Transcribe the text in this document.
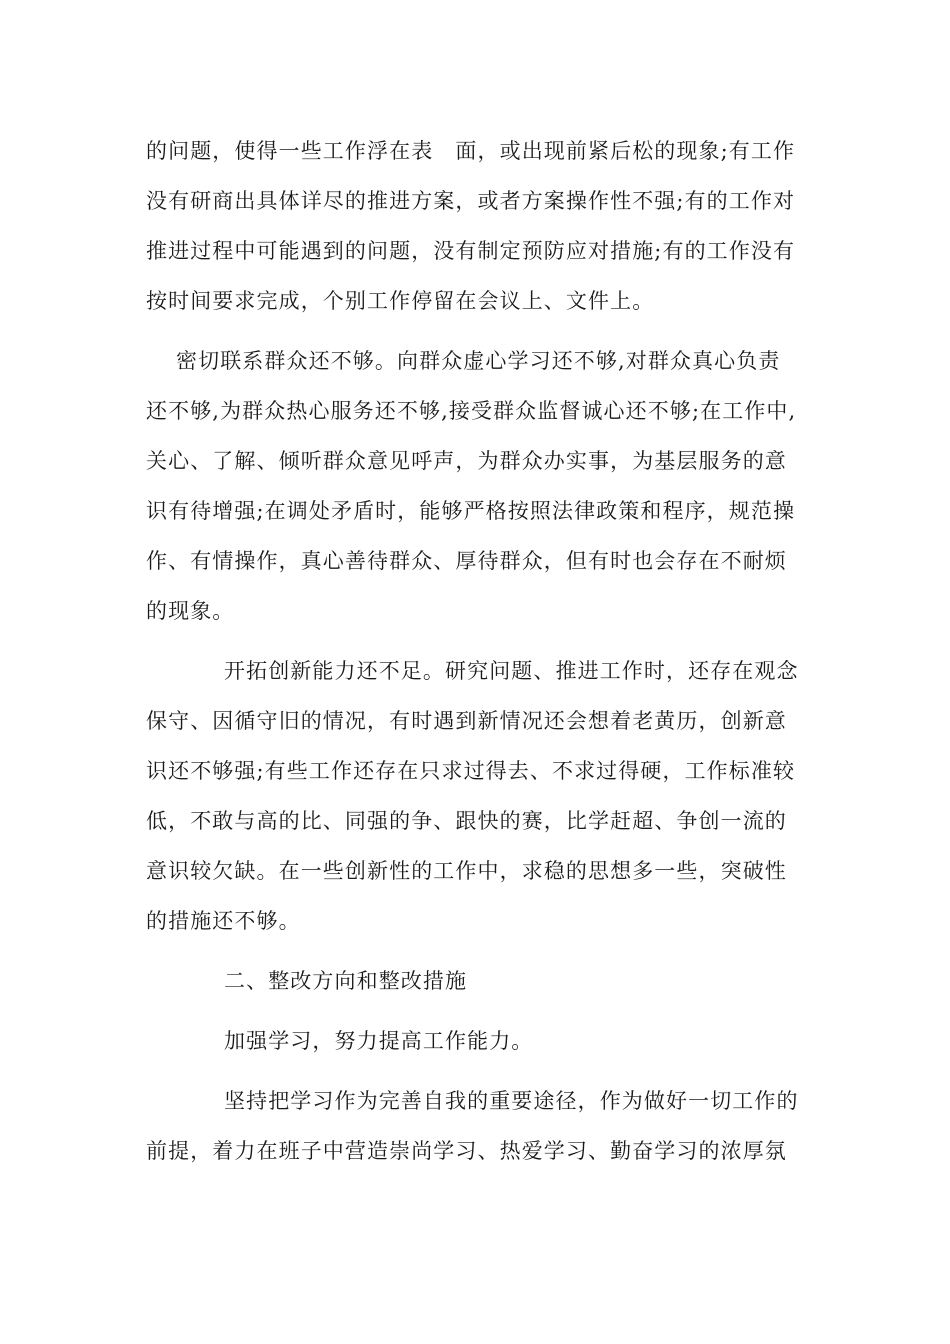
的问题，使得一些工作浮在表　面，或出现前紧后松的现象;有工作
没有研商出具体详尽的推进方案，或者方案操作性不强;有的工作对
推进过程中可能遇到的问题，没有制定预防应对措施;有的工作没有
按时间要求完成，个别工作停留在会议上、文件上。
密切联系群众还不够。向群众虚心学习还不够,对群众真心负责
还不够,为群众热心服务还不够,接受群众监督诚心还不够;在工作中,
关心、了解、倾听群众意见呼声，为群众办实事，为基层服务的意
识有待增强;在调处矛盾时，能够严格按照法律政策和程序，规范操
作、有情操作，真心善待群众、厚待群众，但有时也会存在不耐烦
的现象。
开拓创新能力还不足。研究问题、推进工作时，还存在观念
保守、因循守旧的情况，有时遇到新情况还会想着老黄历，创新意
识还不够强;有些工作还存在只求过得去、不求过得硬，工作标准较
低，不敢与高的比、同强的争、跟快的赛，比学赶超、争创一流的
意识较欠缺。在一些创新性的工作中，求稳的思想多一些，突破性
的措施还不够。
二、整改方向和整改措施
加强学习，努力提高工作能力。
坚持把学习作为完善自我的重要途径，作为做好一切工作的
前提，着力在班子中营造崇尚学习、热爱学习、勤奋学习的浓厚氛
